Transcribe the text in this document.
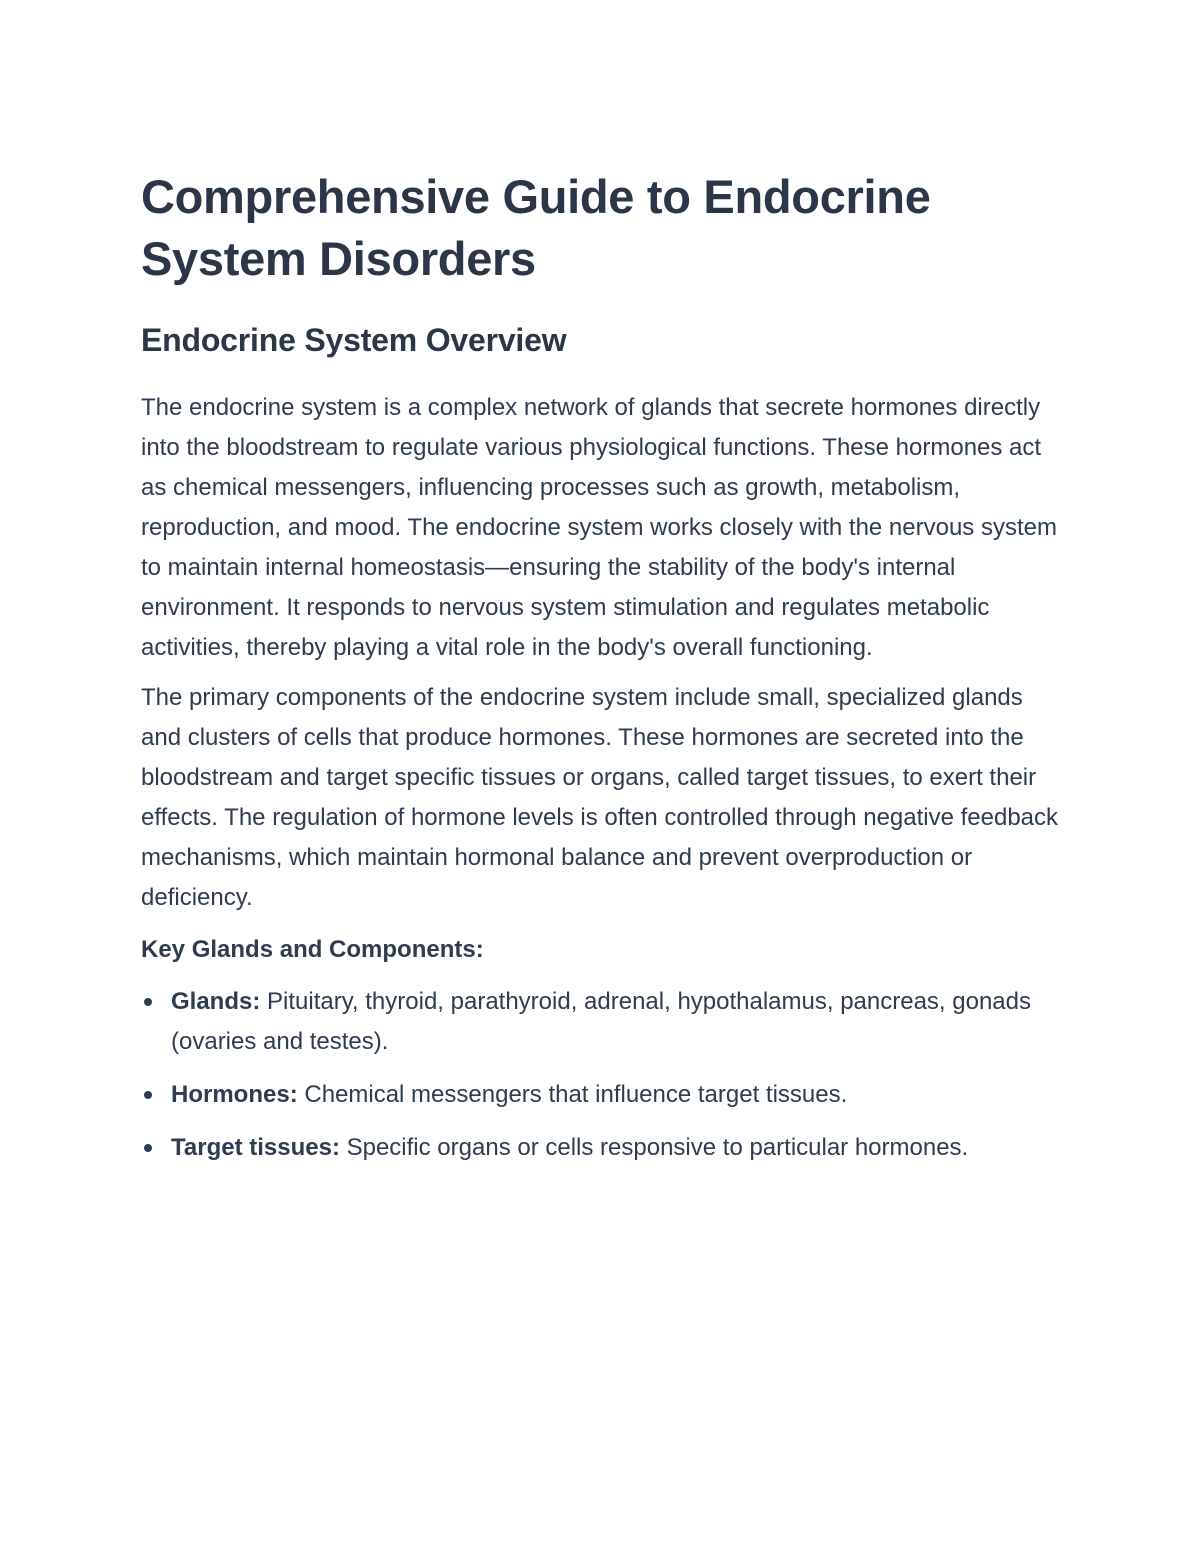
Comprehensive Guide to Endocrine System Disorders
Endocrine System Overview

The endocrine system is a complex network of glands that secrete hormones directly into the bloodstream to regulate various physiological functions. These hormones act as chemical messengers, influencing processes such as growth, metabolism, reproduction, and mood. The endocrine system works closely with the nervous system to maintain internal homeostasis—ensuring the stability of the body's internal environment. It responds to nervous system stimulation and regulates metabolic activities, thereby playing a vital role in the body's overall functioning.

The primary components of the endocrine system include small, specialized glands and clusters of cells that produce hormones. These hormones are secreted into the bloodstream and target specific tissues or organs, called target tissues, to exert their effects. The regulation of hormone levels is often controlled through negative feedback mechanisms, which maintain hormonal balance and prevent overproduction or deficiency.

Key Glands and Components:
Glands: Pituitary, thyroid, parathyroid, adrenal, hypothalamus, pancreas, gonads (ovaries and testes).
Hormones: Chemical messengers that influence target tissues.
Target tissues: Specific organs or cells responsive to particular hormones.
